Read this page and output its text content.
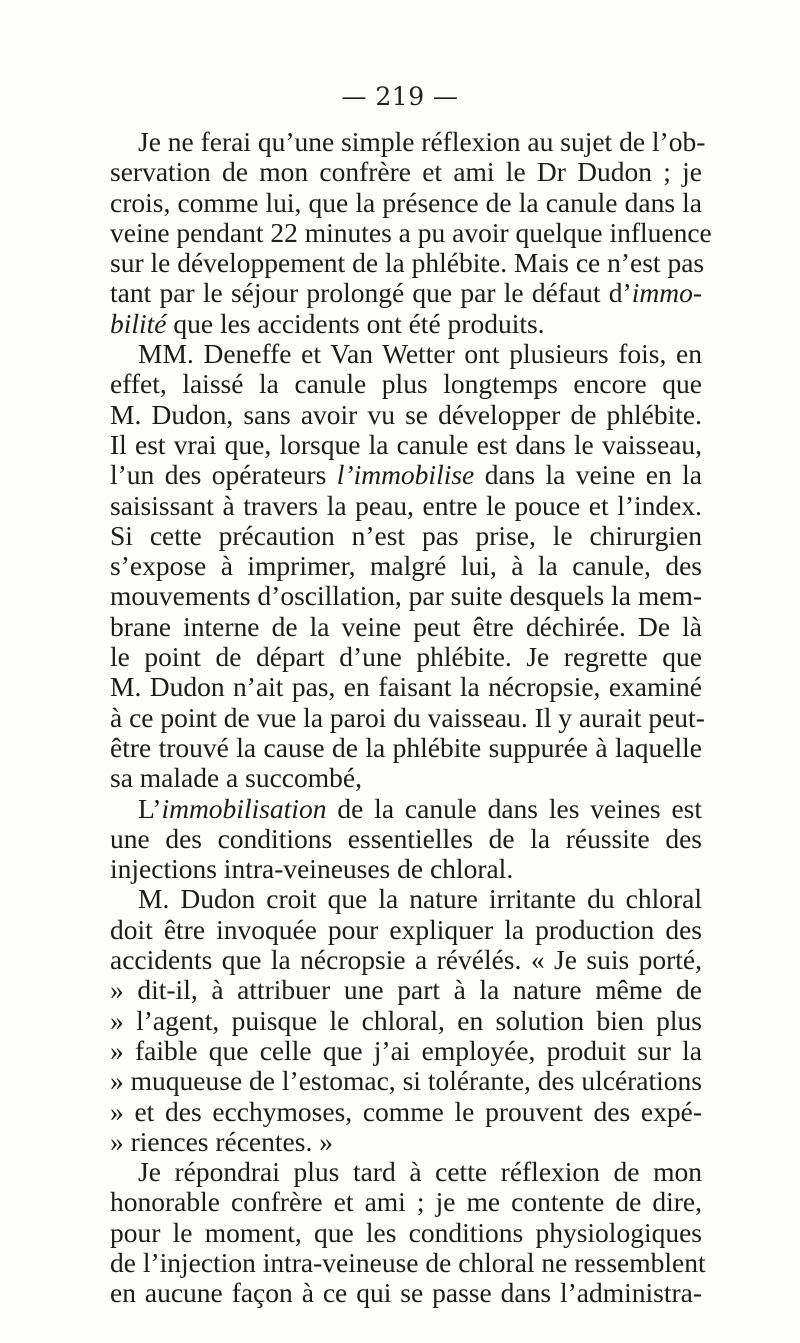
— 219 —
Je ne ferai qu’une simple réflexion au sujet de l’ob-
servation de mon confrère et ami le Dr Dudon ; je
crois, comme lui, que la présence de la canule dans la
veine pendant 22 minutes a pu avoir quelque influence
sur le développement de la phlébite. Mais ce n’est pas
tant par le séjour prolongé que par le défaut d’immo-
bilité que les accidents ont été produits.
MM. Deneffe et Van Wetter ont plusieurs fois, en
effet, laissé la canule plus longtemps encore que
M. Dudon, sans avoir vu se développer de phlébite.
Il est vrai que, lorsque la canule est dans le vaisseau,
l’un des opérateurs l’immobilise dans la veine en la
saisissant à travers la peau, entre le pouce et l’index.
Si cette précaution n’est pas prise, le chirurgien
s’expose à imprimer, malgré lui, à la canule, des
mouvements d’oscillation, par suite desquels la mem-
brane interne de la veine peut être déchirée. De là
le point de départ d’une phlébite. Je regrette que
M. Dudon n’ait pas, en faisant la nécropsie, examiné
à ce point de vue la paroi du vaisseau. Il y aurait peut-
être trouvé la cause de la phlébite suppurée à laquelle
sa malade a succombé,
L’immobilisation de la canule dans les veines est
une des conditions essentielles de la réussite des
injections intra-veineuses de chloral.
M. Dudon croit que la nature irritante du chloral
doit être invoquée pour expliquer la production des
accidents que la nécropsie a révélés. « Je suis porté,
» dit-il, à attribuer une part à la nature même de
» l’agent, puisque le chloral, en solution bien plus
» faible que celle que j’ai employée, produit sur la
» muqueuse de l’estomac, si tolérante, des ulcérations
» et des ecchymoses, comme le prouvent des expé-
» riences récentes. »
Je répondrai plus tard à cette réflexion de mon
honorable confrère et ami ; je me contente de dire,
pour le moment, que les conditions physiologiques
de l’injection intra-veineuse de chloral ne ressemblent
en aucune façon à ce qui se passe dans l’administra-
